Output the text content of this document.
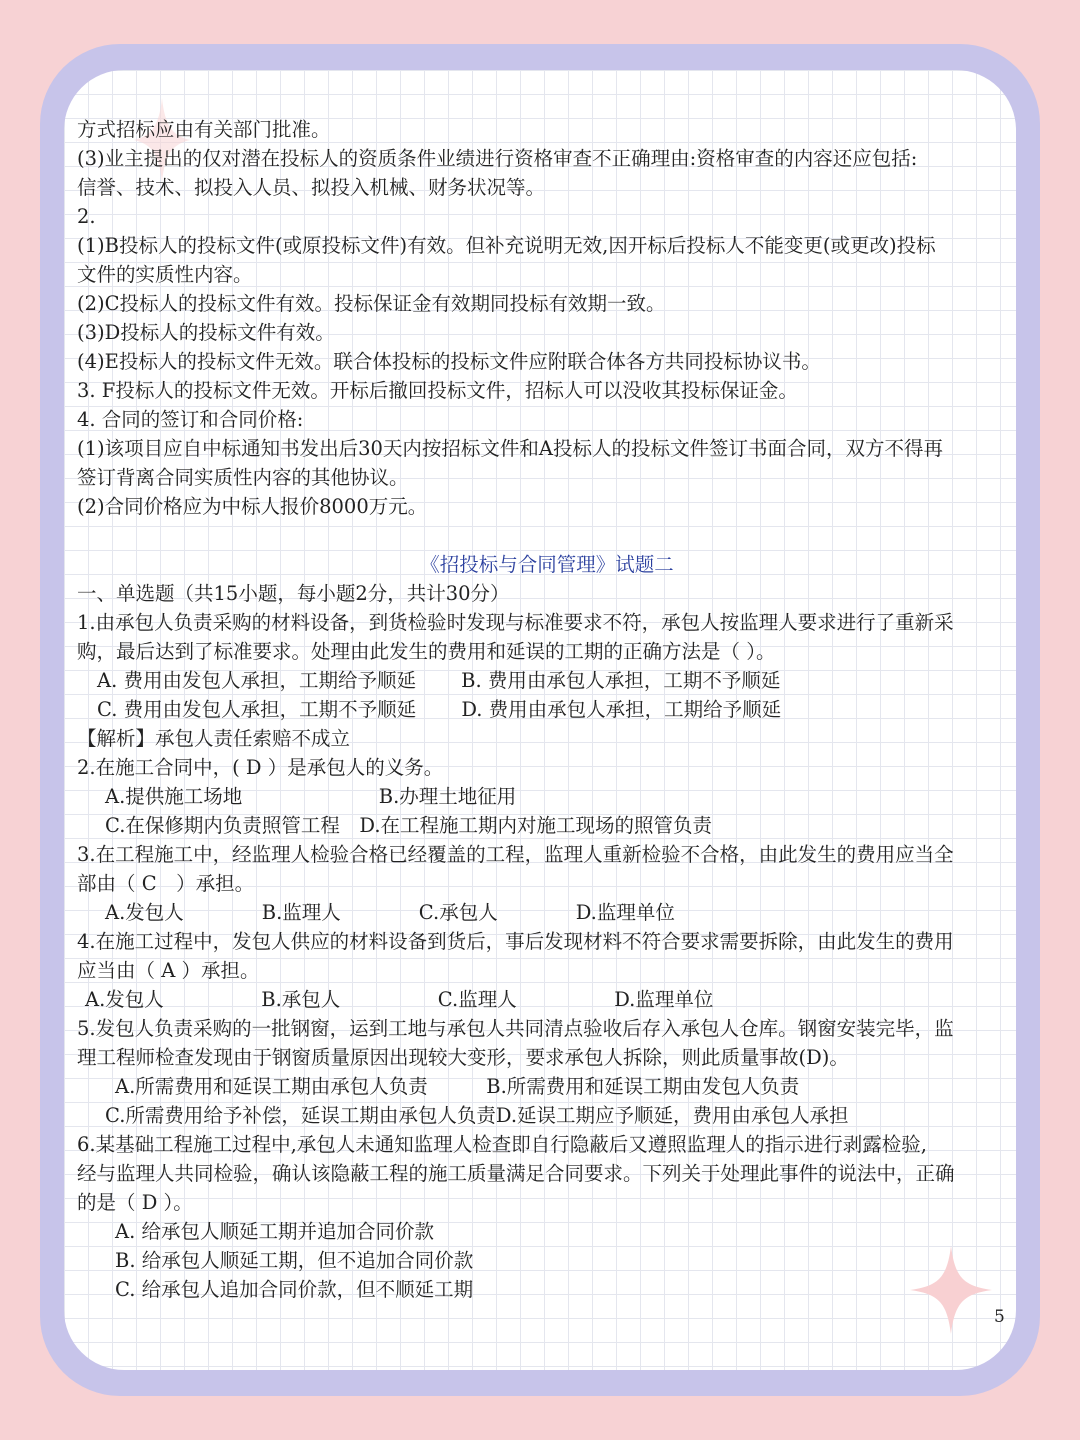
方式招标应由有关部门批准。
(3)业主提出的仅对潜在投标人的资质条件业绩进行资格审查不正确理由:资格审查的内容还应包括:
信誉、技术、拟投入人员、拟投入机械、财务状况等。
2.
(1)B投标人的投标文件(或原投标文件)有效。但补充说明无效,因开标后投标人不能变更(或更改)投标
文件的实质性内容。
(2)C投标人的投标文件有效。投标保证金有效期同投标有效期一致。
(3)D投标人的投标文件有效。
(4)E投标人的投标文件无效。联合体投标的投标文件应附联合体各方共同投标协议书。
3. F投标人的投标文件无效。开标后撤回投标文件，招标人可以没收其投标保证金。
4. 合同的签订和合同价格:
(1)该项目应自中标通知书发出后30天内按招标文件和A投标人的投标文件签订书面合同，双方不得再
签订背离合同实质性内容的其他协议。
(2)合同价格应为中标人报价8000万元。
《招投标与合同管理》试题二
一、单选题（共15小题，每小题2分，共计30分）
1.由承包人负责采购的材料设备，到货检验时发现与标准要求不符，承包人按监理人要求进行了重新采
购，最后达到了标准要求。处理由此发生的费用和延误的工期的正确方法是（ ）。
A. 费用由发包人承担，工期给予顺延　　 B. 费用由承包人承担，工期不予顺延
C. 费用由发包人承担，工期不予顺延　　 D. 费用由承包人承担，工期给予顺延
【解析】承包人责任索赔不成立
2.在施工合同中，( D ）是承包人的义务。
A.提供施工场地　　　　　　　B.办理土地征用
C.在保修期内负责照管工程　D.在工程施工期内对施工现场的照管负责
3.在工程施工中，经监理人检验合格已经覆盖的工程，监理人重新检验不合格，由此发生的费用应当全
部由（ C　）承担。
A.发包人　　　　B.监理人　　　　C.承包人　　　　D.监理单位
4.在施工过程中，发包人供应的材料设备到货后，事后发现材料不符合要求需要拆除，由此发生的费用
应当由（ A ）承担。
A.发包人　　　　　B.承包人　　　　　C.监理人　　　　　D.监理单位
5.发包人负责采购的一批钢窗，运到工地与承包人共同清点验收后存入承包人仓库。钢窗安装完毕，监
理工程师检查发现由于钢窗质量原因出现较大变形，要求承包人拆除，则此质量事故(D)。
A.所需费用和延误工期由承包人负责　　　B.所需费用和延误工期由发包人负责
C.所需费用给予补偿，延误工期由承包人负责D.延误工期应予顺延，费用由承包人承担
6.某基础工程施工过程中,承包人未通知监理人检查即自行隐蔽后又遵照监理人的指示进行剥露检验,
经与监理人共同检验，确认该隐蔽工程的施工质量满足合同要求。下列关于处理此事件的说法中，正确
的是（ D ）。
A. 给承包人顺延工期并追加合同价款
B. 给承包人顺延工期，但不追加合同价款
C. 给承包人追加合同价款，但不顺延工期
5
